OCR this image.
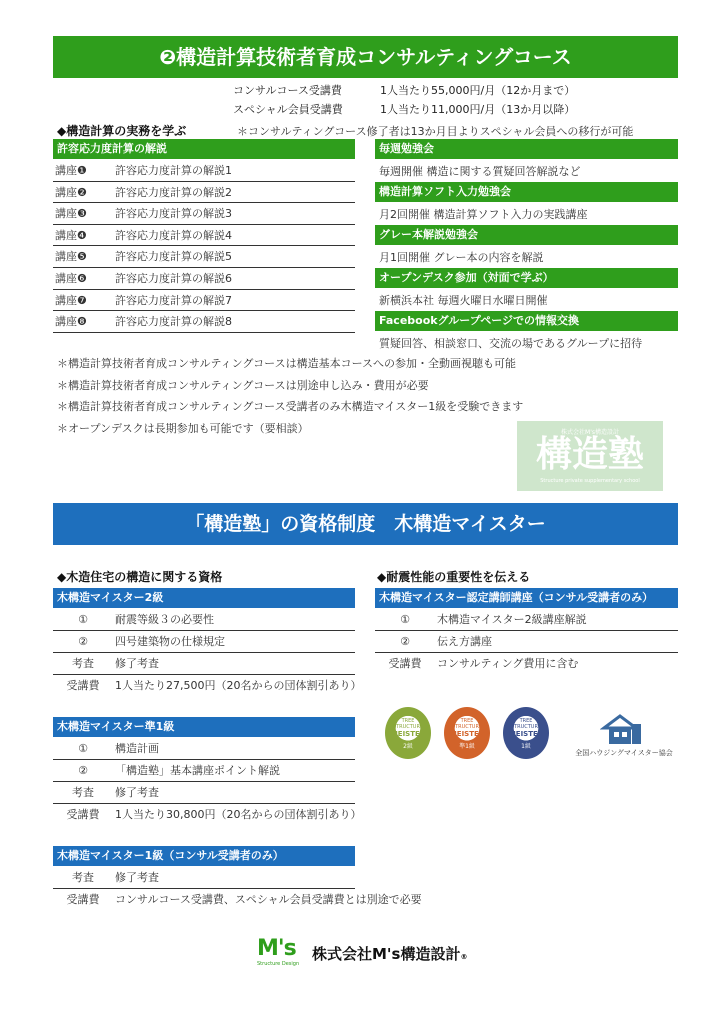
❷構造計算技術者育成コンサルティングコース
コンサルコース受講費	1人当たり55,000円/月（12か月まで）
スペシャル会員受講費	1人当たり11,000円/月（13か月以降）
◆構造計算の実務を学ぶ	＊コンサルティングコース修了者は13か月目よりスペシャル会員への移行が可能
許容応力度計算の解説
講座❶	許容応力度計算の解説1
講座❷	許容応力度計算の解説2
講座❸	許容応力度計算の解説3
講座❹	許容応力度計算の解説4
講座❺	許容応力度計算の解説5
講座❻	許容応力度計算の解説6
講座❼	許容応力度計算の解説7
講座❽	許容応力度計算の解説8
毎週勉強会
毎週開催 構造に関する質疑回答解説など
構造計算ソフト入力勉強会
月2回開催 構造計算ソフト入力の実践講座
グレー本解説勉強会
月1回開催 グレー本の内容を解説
オープンデスク参加（対面で学ぶ）
新横浜本社 毎週火曜日水曜日開催
Facebookグループページでの情報交換
質疑回答、相談窓口、交流の場であるグループに招待
＊構造計算技術者育成コンサルティングコースは構造基本コースへの参加・全動画視聴も可能
＊構造計算技術者育成コンサルティングコースは別途申し込み・費用が必要
＊構造計算技術者育成コンサルティングコース受講者のみ木構造マイスター1級を受験できます
＊オープンデスクは長期参加も可能です（要相談）	株式会社M's構造設計
構造塾
Structure private supplementary school
「構造塾」の資格制度　木構造マイスター
◆木造住宅の構造に関する資格	◆耐震性能の重要性を伝える
木構造マイスター2級
①	耐震等級３の必要性
②	四号建築物の仕様規定
考査	修了考査
受講費	1人当たり27,500円（20名からの団体割引あり）
木構造マイスター準1級
①	構造計画
②	「構造塾」基本講座ポイント解説
考査	修了考査
受講費	1人当たり30,800円（20名からの団体割引あり）
木構造マイスター1級（コンサル受講者のみ）
考査	修了考査
受講費	コンサルコース受講費、スペシャル会員受講費とは別途で必要
木構造マイスター認定講師講座（コンサル受講者のみ）
①	木構造マイスター2級講座解説
②	伝え方講座
受講費	コンサルティング費用に含む
TREE
STRUCTURE
MEISTER
2級
TREE
STRUCTURE
MEISTER
準1級
TREE
STRUCTURE
MEISTER
1級
全国ハウジングマイスター協会
M's
Structure Design
株式会社M's構造設計®
